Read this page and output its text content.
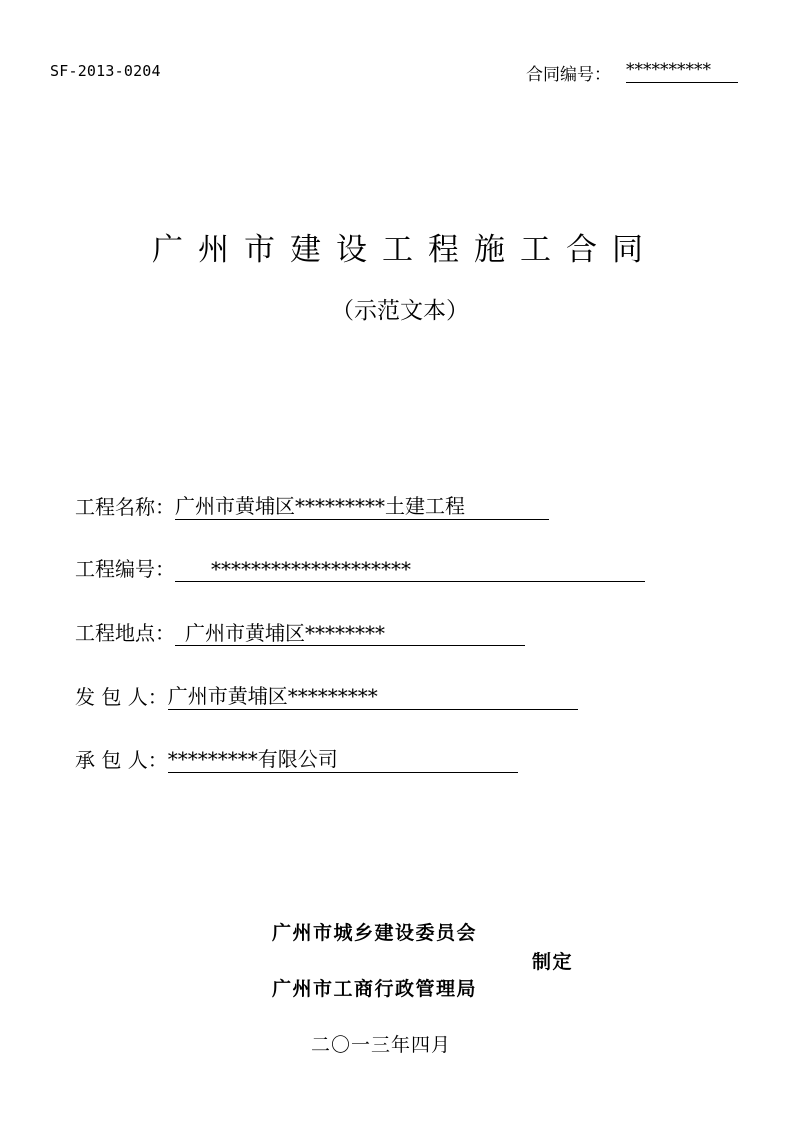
SF-2013-0204	合同编号： **********
广州市建设工程施工合同
（示范文本）
工程名称： 广州市黄埔区*********土建工程
工程编号：	********************
工程地点： 广州市黄埔区********
发 包 人： 广州市黄埔区*********
承 包 人： *********有限公司
广州市城乡建设委员会
制定
广州市工商行政管理局
二〇一三年四月
